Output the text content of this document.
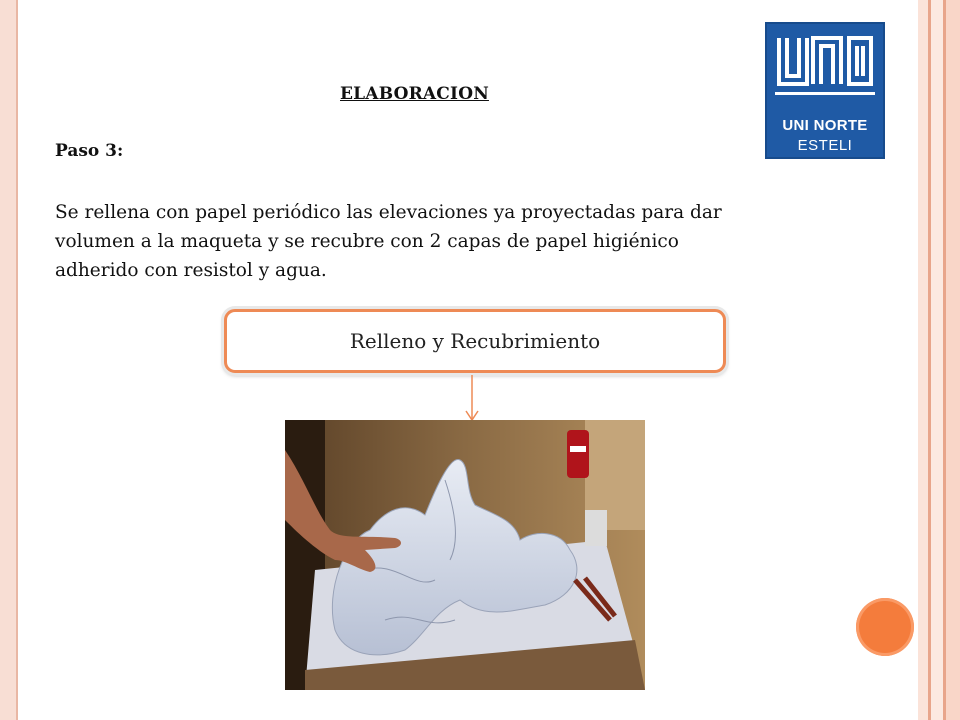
UNI NORTE
ESTELI
ELABORACION
Paso 3:
Se rellena con papel periódico las elevaciones ya proyectadas para dar volumen a la maqueta y se recubre con 2 capas de papel higiénico adherido con resistol y agua.
Relleno y Recubrimiento
